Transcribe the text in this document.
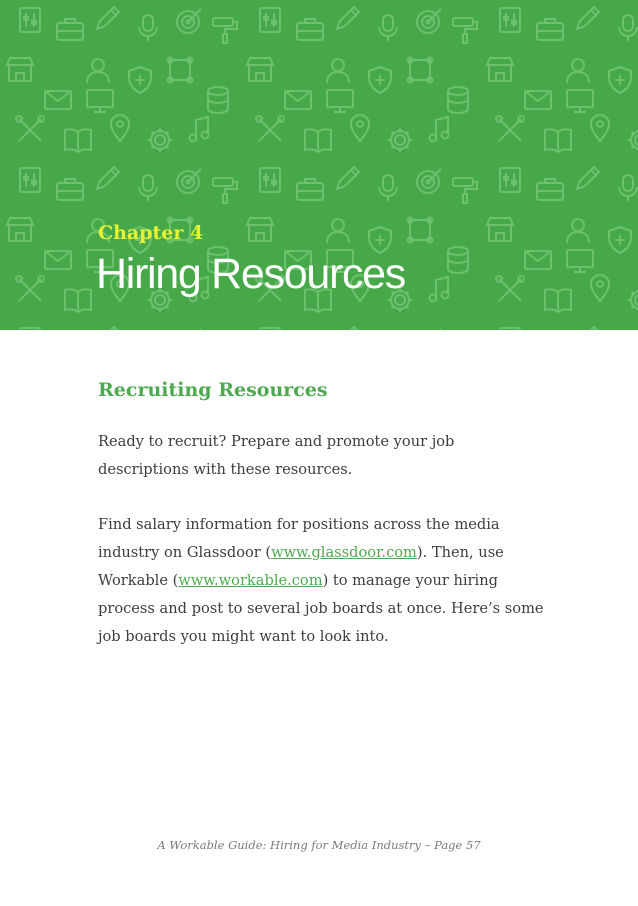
Chapter 4
Hiring Resources
Recruiting Resources

Ready to recruit? Prepare and promote your job descriptions with these resources.

Find salary information for positions across the media industry on Glassdoor (www.glassdoor.com). Then, use Workable (www.workable.com) to manage your hiring process and post to several job boards at once. Here’s some job boards you might want to look into.

A Workable Guide: Hiring for Media Industry – Page 57
